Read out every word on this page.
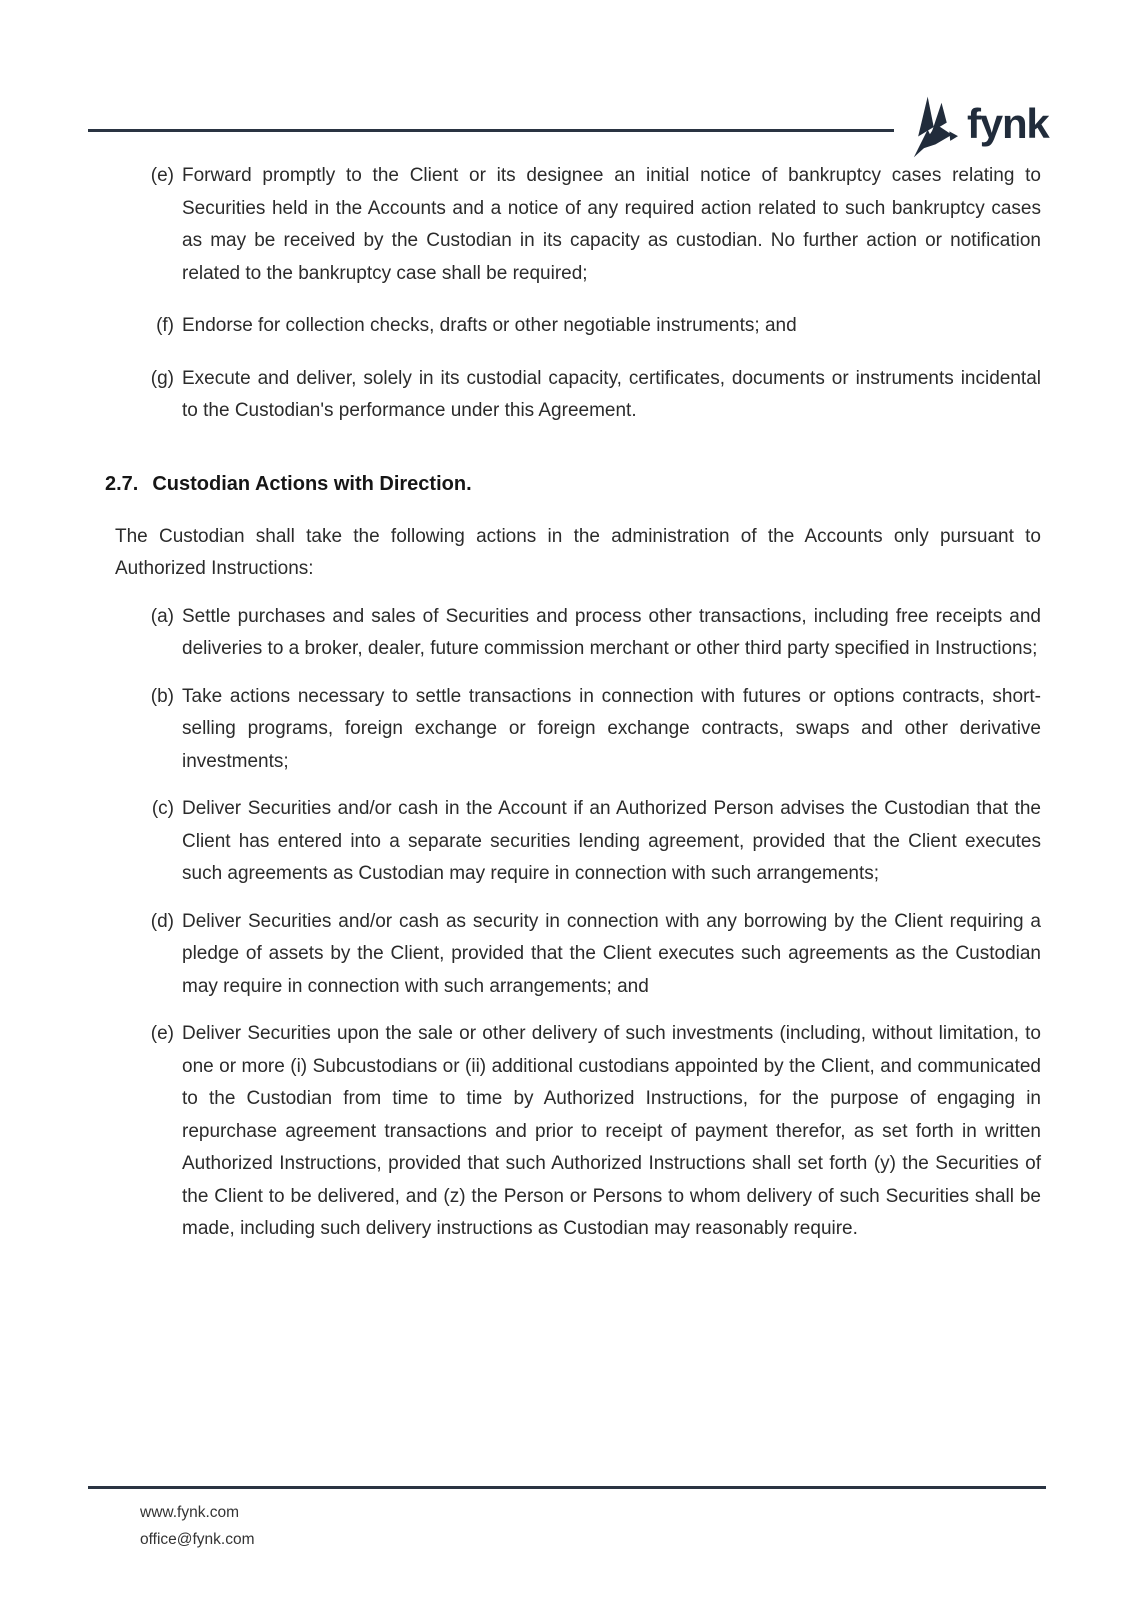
fynk
(e) Forward promptly to the Client or its designee an initial notice of bankruptcy cases relating to Securities held in the Accounts and a notice of any required action related to such bankruptcy cases as may be received by the Custodian in its capacity as custodian. No further action or notification related to the bankruptcy case shall be required;
(f) Endorse for collection checks, drafts or other negotiable instruments; and
(g) Execute and deliver, solely in its custodial capacity, certificates, documents or instruments incidental to the Custodian's performance under this Agreement.
2.7. Custodian Actions with Direction.

The Custodian shall take the following actions in the administration of the Accounts only pursuant to Authorized Instructions:

(a) Settle purchases and sales of Securities and process other transactions, including free receipts and deliveries to a broker, dealer, future commission merchant or other third party specified in Instructions;
(b) Take actions necessary to settle transactions in connection with futures or options contracts, short-selling programs, foreign exchange or foreign exchange contracts, swaps and other derivative investments;
(c) Deliver Securities and/or cash in the Account if an Authorized Person advises the Custodian that the Client has entered into a separate securities lending agreement, provided that the Client executes such agreements as Custodian may require in connection with such arrangements;
(d) Deliver Securities and/or cash as security in connection with any borrowing by the Client requiring a pledge of assets by the Client, provided that the Client executes such agreements as the Custodian may require in connection with such arrangements; and
(e) Deliver Securities upon the sale or other delivery of such investments (including, without limitation, to one or more (i) Subcustodians or (ii) additional custodians appointed by the Client, and communicated to the Custodian from time to time by Authorized Instructions, for the purpose of engaging in repurchase agreement transactions and prior to receipt of payment therefor, as set forth in written Authorized Instructions, provided that such Authorized Instructions shall set forth (y) the Securities of the Client to be delivered, and (z) the Person or Persons to whom delivery of such Securities shall be made, including such delivery instructions as Custodian may reasonably require.
www.fynk.com
office@fynk.com
